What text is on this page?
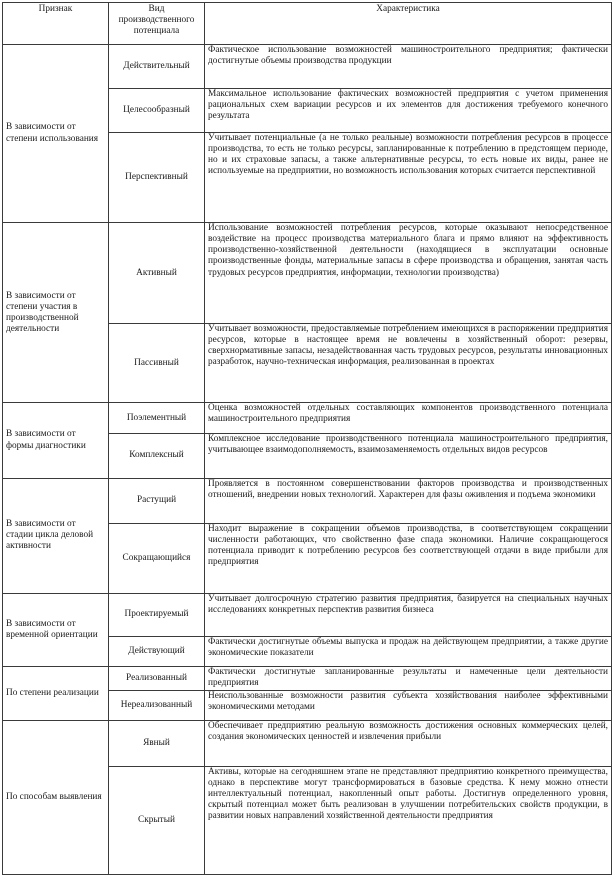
Признак	Вид производственного потенциала	Характеристика
В зависимости от степени использования	Действительный	Фактическое использование возможностей машиностроительного предприятия; фактически достигнутые объемы производства продукции
	Целесообразный	Максимальное использование фактических возможностей предприятия с учетом применения рациональных схем вариации ресурсов и их элементов для достижения требуемого конечного результата
	Перспективный	Учитывает потенциальные (а не только реальные) возможности потребления ресурсов в процессе производства, то есть не только ресурсы, запланированные к потреблению в предстоящем периоде, но и их страховые запасы, а также альтернативные ресурсы, то есть новые их виды, ранее не используемые на предприятии, но возможность использования которых считается перспективной
В зависимости от степени участия в производственной деятельности	Активный	Использование возможностей потребления ресурсов, которые оказывают непосредственное воздействие на процесс производства материального блага и прямо влияют на эффективность производственно-хозяйственной деятельности (находящиеся в эксплуатации основные производственные фонды, материальные запасы в сфере производства и обращения, занятая часть трудовых ресурсов предприятия, информации, технологии производства)
	Пассивный	Учитывает возможности, предоставляемые потреблением имеющихся в распоряжении предприятия ресурсов, которые в настоящее время не вовлечены в хозяйственный оборот: резервы, сверхнормативные запасы, незадействованная часть трудовых ресурсов, результаты инновационных разработок, научно-техническая информация, реализованная в проектах
В зависимости от формы диагностики	Поэлементный	Оценка возможностей отдельных составляющих компонентов производственного потенциала машиностроительного предприятия
	Комплексный	Комплексное исследование производственного потенциала машиностроительного предприятия, учитывающее взаимодополняемость, взаимозаменяемость отдельных видов ресурсов
В зависимости от стадии цикла деловой активности	Растущий	Проявляется в постоянном совершенствовании факторов производства и производственных отношений, внедрении новых технологий. Характерен для фазы оживления и подъема экономики
	Сокращающийся	Находит выражение в сокращении объемов производства, в соответствующем сокращении численности работающих, что свойственно фазе спада экономики. Наличие сокращающегося потенциала приводит к потреблению ресурсов без соответствующей отдачи в виде прибыли для предприятия
В зависимости от временной ориентации	Проектируемый	Учитывает долгосрочную стратегию развития предприятия, базируется на специальных научных исследованиях конкретных перспектив развития бизнеса
	Действующий	Фактически достигнутые объемы выпуска и продаж на действующем предприятии, а также другие экономические показатели
По степени реализации	Реализованный	Фактически достигнутые запланированные результаты и намеченные цели деятельности предприятия
	Нереализованный	Неиспользованные возможности развития субъекта хозяйствования наиболее эффективными экономическими методами
По способам выявления	Явный	Обеспечивает предприятию реальную возможность достижения основных коммерческих целей, создания экономических ценностей и извлечения прибыли
	Скрытый	Активы, которые на сегодняшнем этапе не представляют предприятию конкретного преимущества, однако в перспективе могут трансформироваться в базовые средства. К нему можно отнести интеллектуальный потенциал, накопленный опыт работы. Достигнув определенного уровня, скрытый потенциал может быть реализован в улучшении потребительских свойств продукции, в развитии новых направлений хозяйственной деятельности предприятия
